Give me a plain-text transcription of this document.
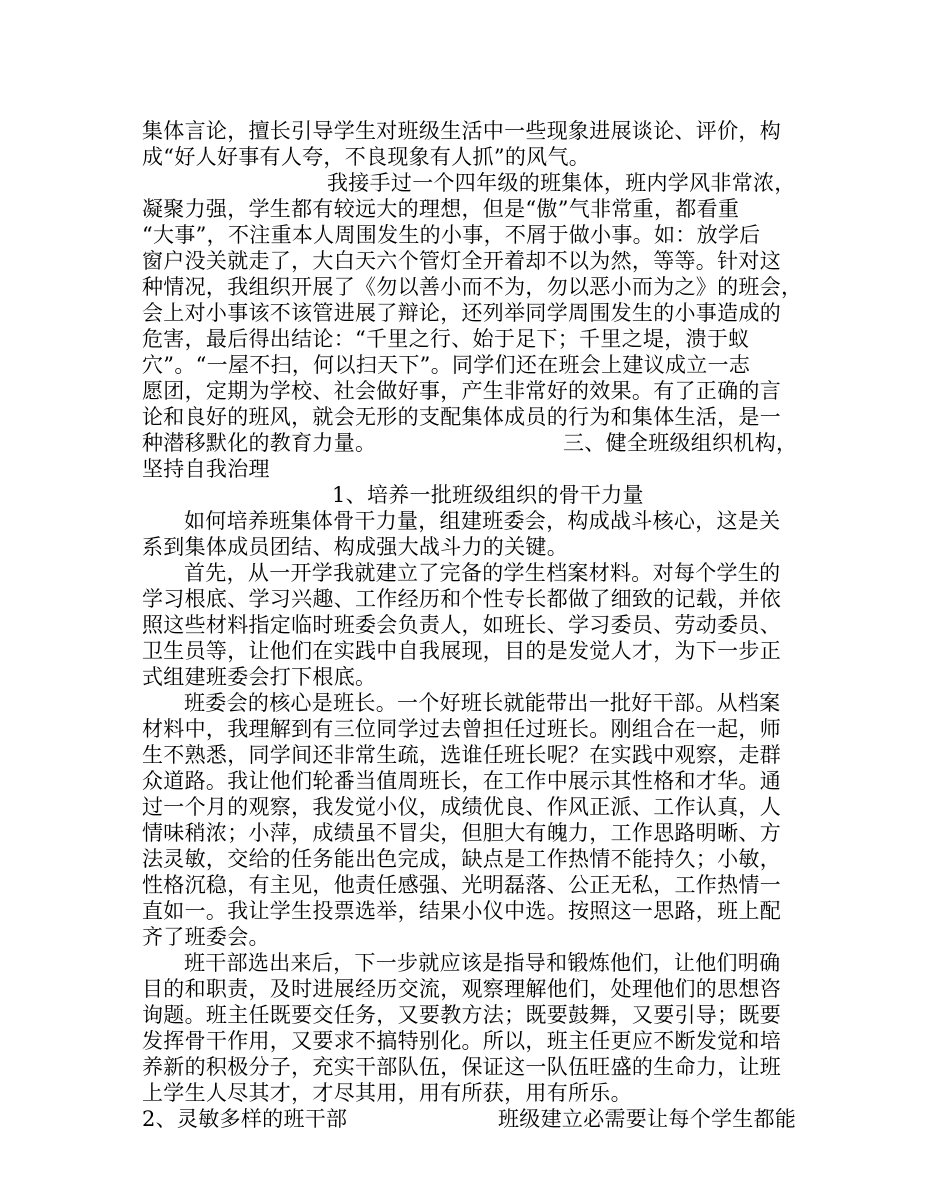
集体言论，擅长引导学生对班级生活中一些现象进展谈论、评价，构
成“好人好事有人夸，不良现象有人抓”的风气。
我接手过一个四年级的班集体，班内学风非常浓，
凝聚力强，学生都有较远大的理想，但是“傲”气非常重，都看重
“大事”，不注重本人周围发生的小事，不屑于做小事。如：放学后
窗户没关就走了，大白天六个管灯全开着却不以为然，等等。针对这
种情况，我组织开展了《勿以善小而不为，勿以恶小而为之》的班会，
会上对小事该不该管进展了辩论，还列举同学周围发生的小事造成的
危害，最后得出结论：“千里之行、始于足下；千里之堤，溃于蚁
穴”。“一屋不扫，何以扫天下”。同学们还在班会上建议成立一志
愿团，定期为学校、社会做好事，产生非常好的效果。有了正确的言
论和良好的班风，就会无形的支配集体成员的行为和集体生活，是一
种潜移默化的教育力量。	三、健全班级组织机构，
坚持自我治理
1、培养一批班级组织的骨干力量
如何培养班集体骨干力量，组建班委会，构成战斗核心，这是关
系到集体成员团结、构成强大战斗力的关键。
首先，从一开学我就建立了完备的学生档案材料。对每个学生的
学习根底、学习兴趣、工作经历和个性专长都做了细致的记载，并依
照这些材料指定临时班委会负责人，如班长、学习委员、劳动委员、
卫生员等，让他们在实践中自我展现，目的是发觉人才，为下一步正
式组建班委会打下根底。
班委会的核心是班长。一个好班长就能带出一批好干部。从档案
材料中，我理解到有三位同学过去曾担任过班长。刚组合在一起，师
生不熟悉，同学间还非常生疏，选谁任班长呢？在实践中观察，走群
众道路。我让他们轮番当值周班长，在工作中展示其性格和才华。通
过一个月的观察，我发觉小仪，成绩优良、作风正派、工作认真，人
情味稍浓；小萍，成绩虽不冒尖，但胆大有魄力，工作思路明晰、方
法灵敏，交给的任务能出色完成，缺点是工作热情不能持久；小敏，
性格沉稳，有主见，他责任感强、光明磊落、公正无私，工作热情一
直如一。我让学生投票选举，结果小仪中选。按照这一思路，班上配
齐了班委会。
班干部选出来后，下一步就应该是指导和锻炼他们，让他们明确
目的和职责，及时进展经历交流，观察理解他们，处理他们的思想咨
询题。班主任既要交任务，又要教方法；既要鼓舞，又要引导；既要
发挥骨干作用，又要求不搞特别化。所以，班主任更应不断发觉和培
养新的积极分子，充实干部队伍，保证这一队伍旺盛的生命力，让班
上学生人尽其才，才尽其用，用有所获，用有所乐。
2、灵敏多样的班干部	班级建立必需要让每个学生都能
